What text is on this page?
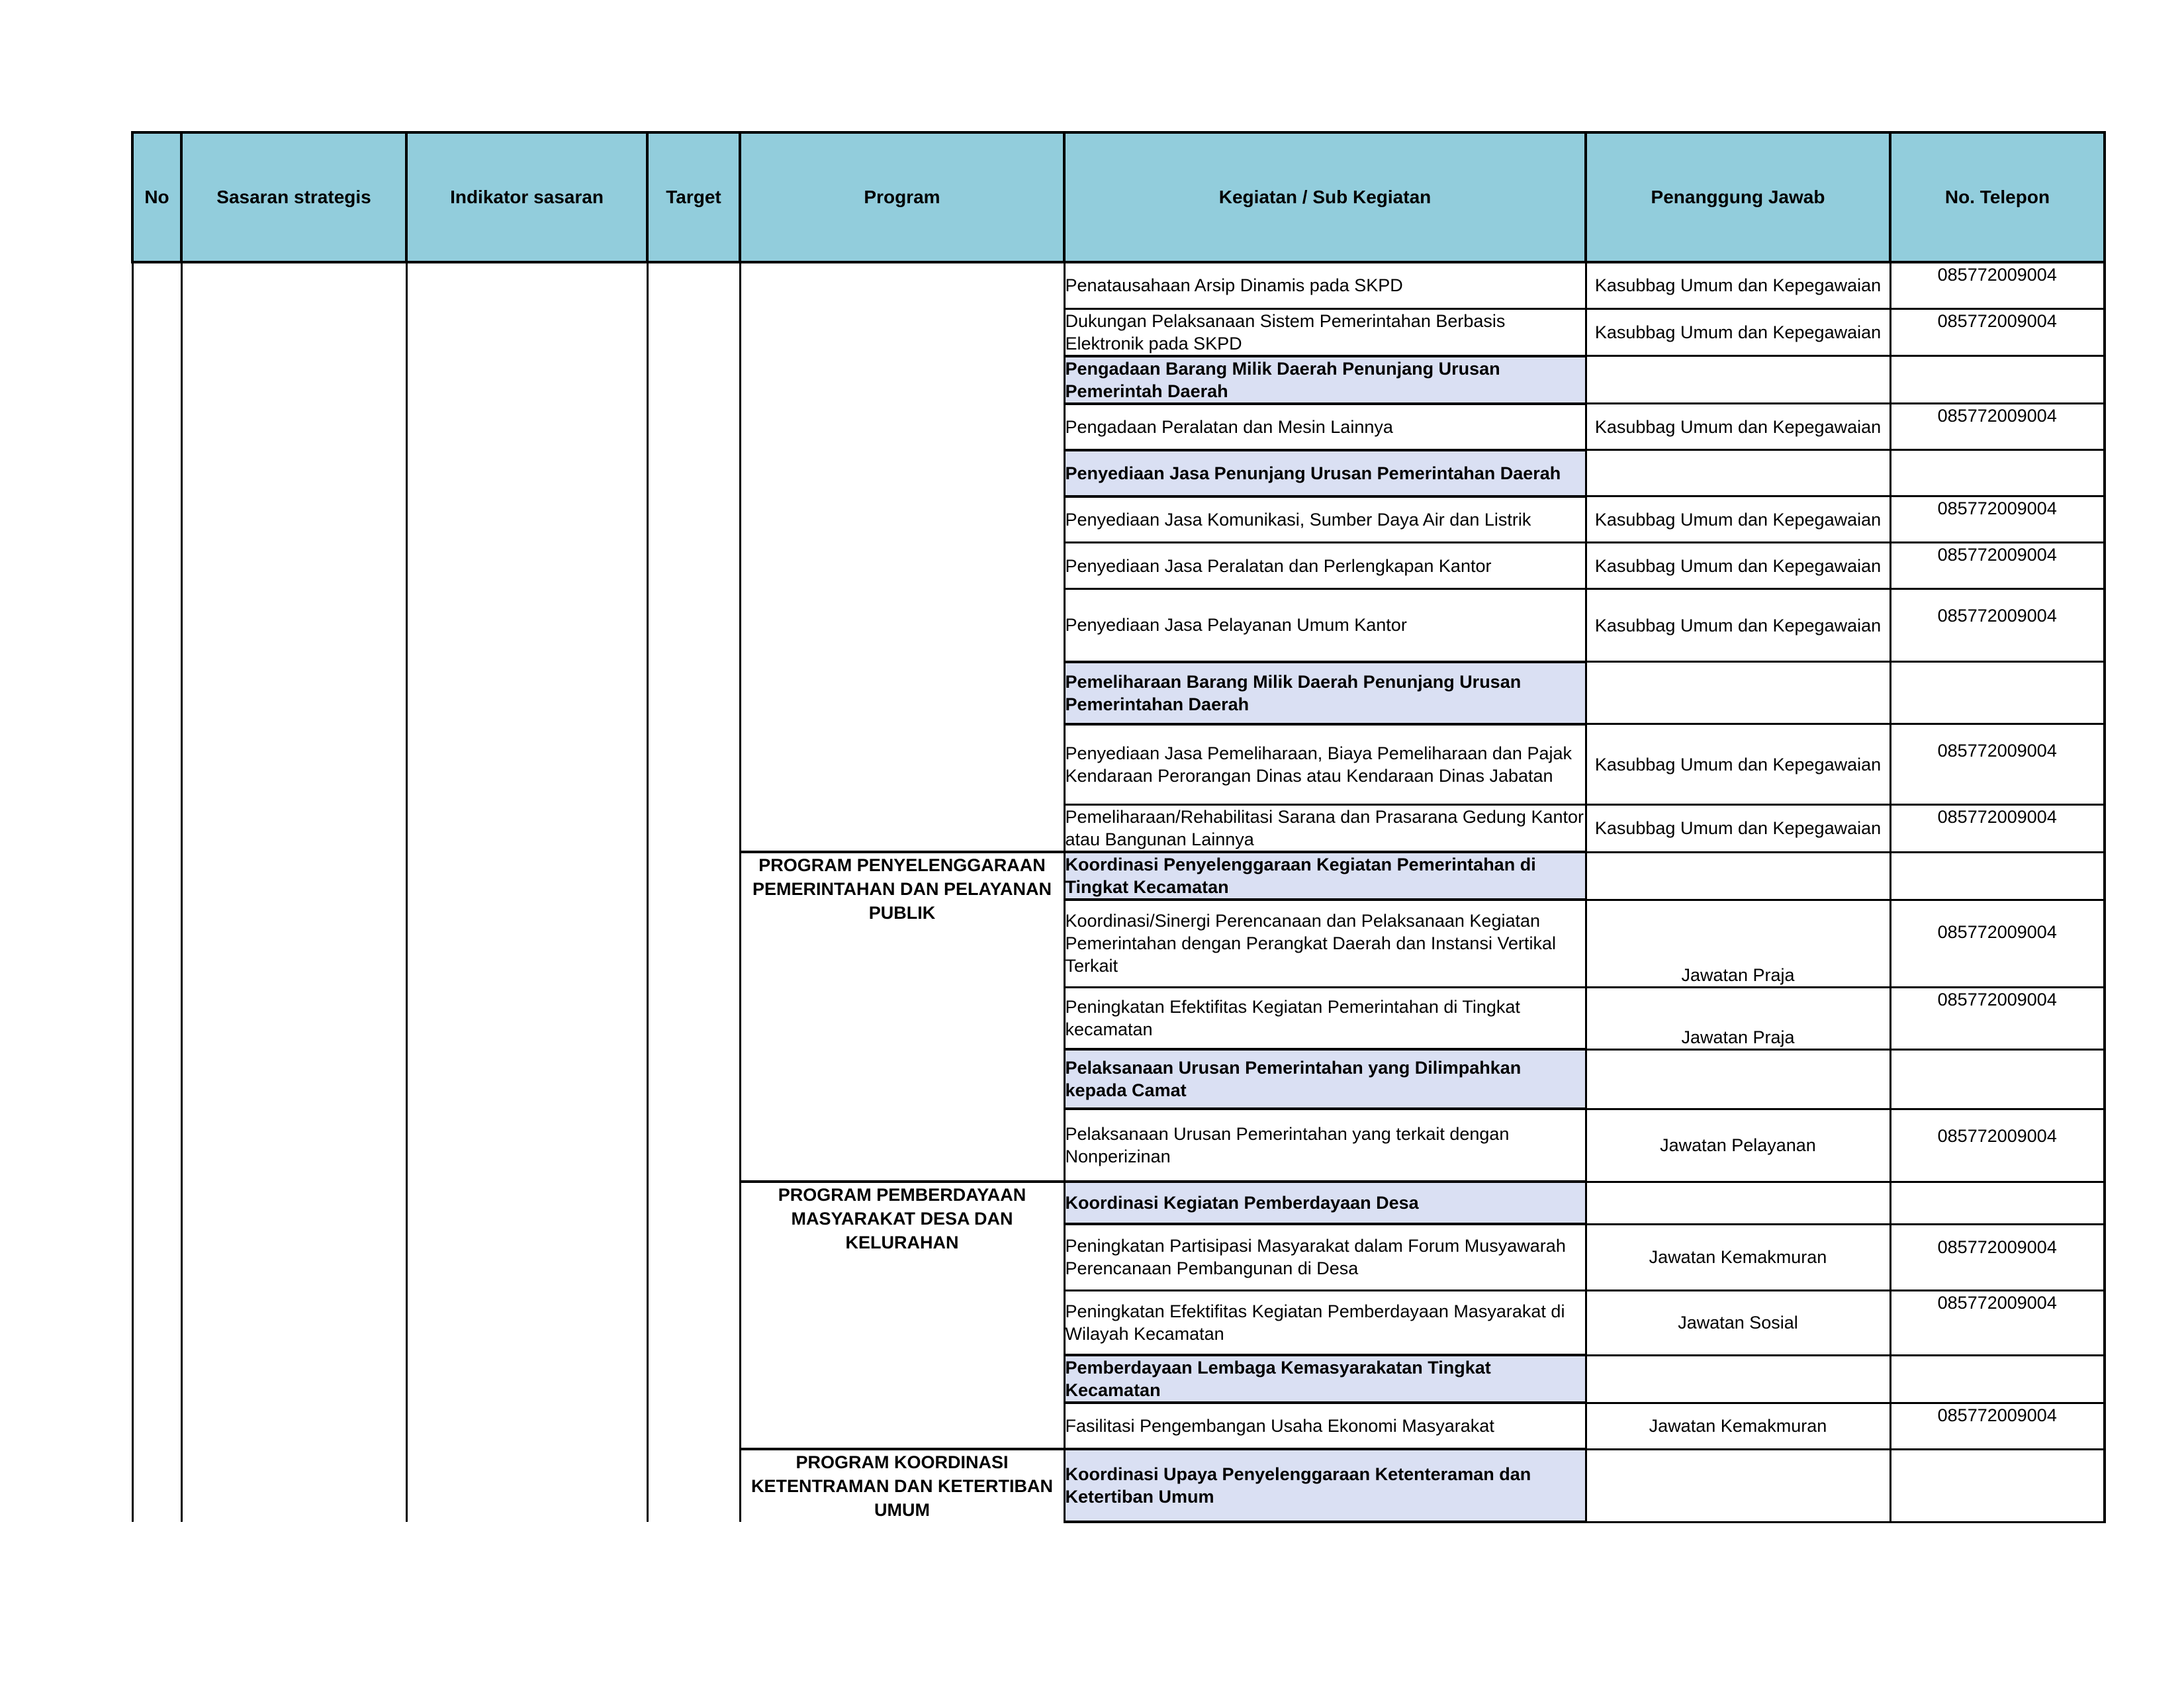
No	Sasaran strategis	Indikator sasaran	Target	Program	Kegiatan / Sub Kegiatan	Penanggung Jawab	No. Telepon
					Penatausahaan Arsip Dinamis pada SKPD	Kasubbag Umum dan Kepegawaian	085772009004
					Dukungan Pelaksanaan Sistem Pemerintahan Berbasis Elektronik pada SKPD	Kasubbag Umum dan Kepegawaian	085772009004
					Pengadaan Barang Milik Daerah Penunjang Urusan Pemerintah Daerah		
					Pengadaan Peralatan dan Mesin Lainnya	Kasubbag Umum dan Kepegawaian	085772009004
					Penyediaan Jasa Penunjang Urusan Pemerintahan Daerah		
					Penyediaan Jasa Komunikasi, Sumber Daya Air dan Listrik	Kasubbag Umum dan Kepegawaian	085772009004
					Penyediaan Jasa Peralatan dan Perlengkapan Kantor	Kasubbag Umum dan Kepegawaian	085772009004
					Penyediaan Jasa Pelayanan Umum Kantor	Kasubbag Umum dan Kepegawaian	085772009004
					Pemeliharaan Barang Milik Daerah Penunjang Urusan Pemerintahan Daerah		
					Penyediaan Jasa Pemeliharaan, Biaya Pemeliharaan dan Pajak Kendaraan Perorangan Dinas atau Kendaraan Dinas Jabatan	Kasubbag Umum dan Kepegawaian	085772009004
					Pemeliharaan/Rehabilitasi Sarana dan Prasarana Gedung Kantor atau Bangunan Lainnya	Kasubbag Umum dan Kepegawaian	085772009004
				PROGRAM PENYELENGGARAAN PEMERINTAHAN DAN PELAYANAN PUBLIK	Koordinasi Penyelenggaraan Kegiatan Pemerintahan di Tingkat Kecamatan		
					Koordinasi/Sinergi Perencanaan dan Pelaksanaan Kegiatan Pemerintahan dengan Perangkat Daerah dan Instansi Vertikal Terkait	Jawatan Praja	085772009004
					Peningkatan Efektifitas Kegiatan Pemerintahan di Tingkat kecamatan	Jawatan Praja	085772009004
					Pelaksanaan Urusan Pemerintahan yang Dilimpahkan kepada Camat		
					Pelaksanaan Urusan Pemerintahan yang terkait dengan Nonperizinan	Jawatan Pelayanan	085772009004
				PROGRAM PEMBERDAYAAN MASYARAKAT DESA DAN KELURAHAN	Koordinasi Kegiatan Pemberdayaan Desa		
					Peningkatan Partisipasi Masyarakat dalam Forum Musyawarah Perencanaan Pembangunan di Desa	Jawatan Kemakmuran	085772009004
					Peningkatan Efektifitas Kegiatan Pemberdayaan Masyarakat di Wilayah Kecamatan	Jawatan Sosial	085772009004
					Pemberdayaan Lembaga Kemasyarakatan Tingkat Kecamatan		
					Fasilitasi Pengembangan Usaha Ekonomi Masyarakat	Jawatan Kemakmuran	085772009004
				PROGRAM KOORDINASI KETENTRAMAN DAN KETERTIBAN UMUM	Koordinasi Upaya Penyelenggaraan Ketenteraman dan Ketertiban Umum		
